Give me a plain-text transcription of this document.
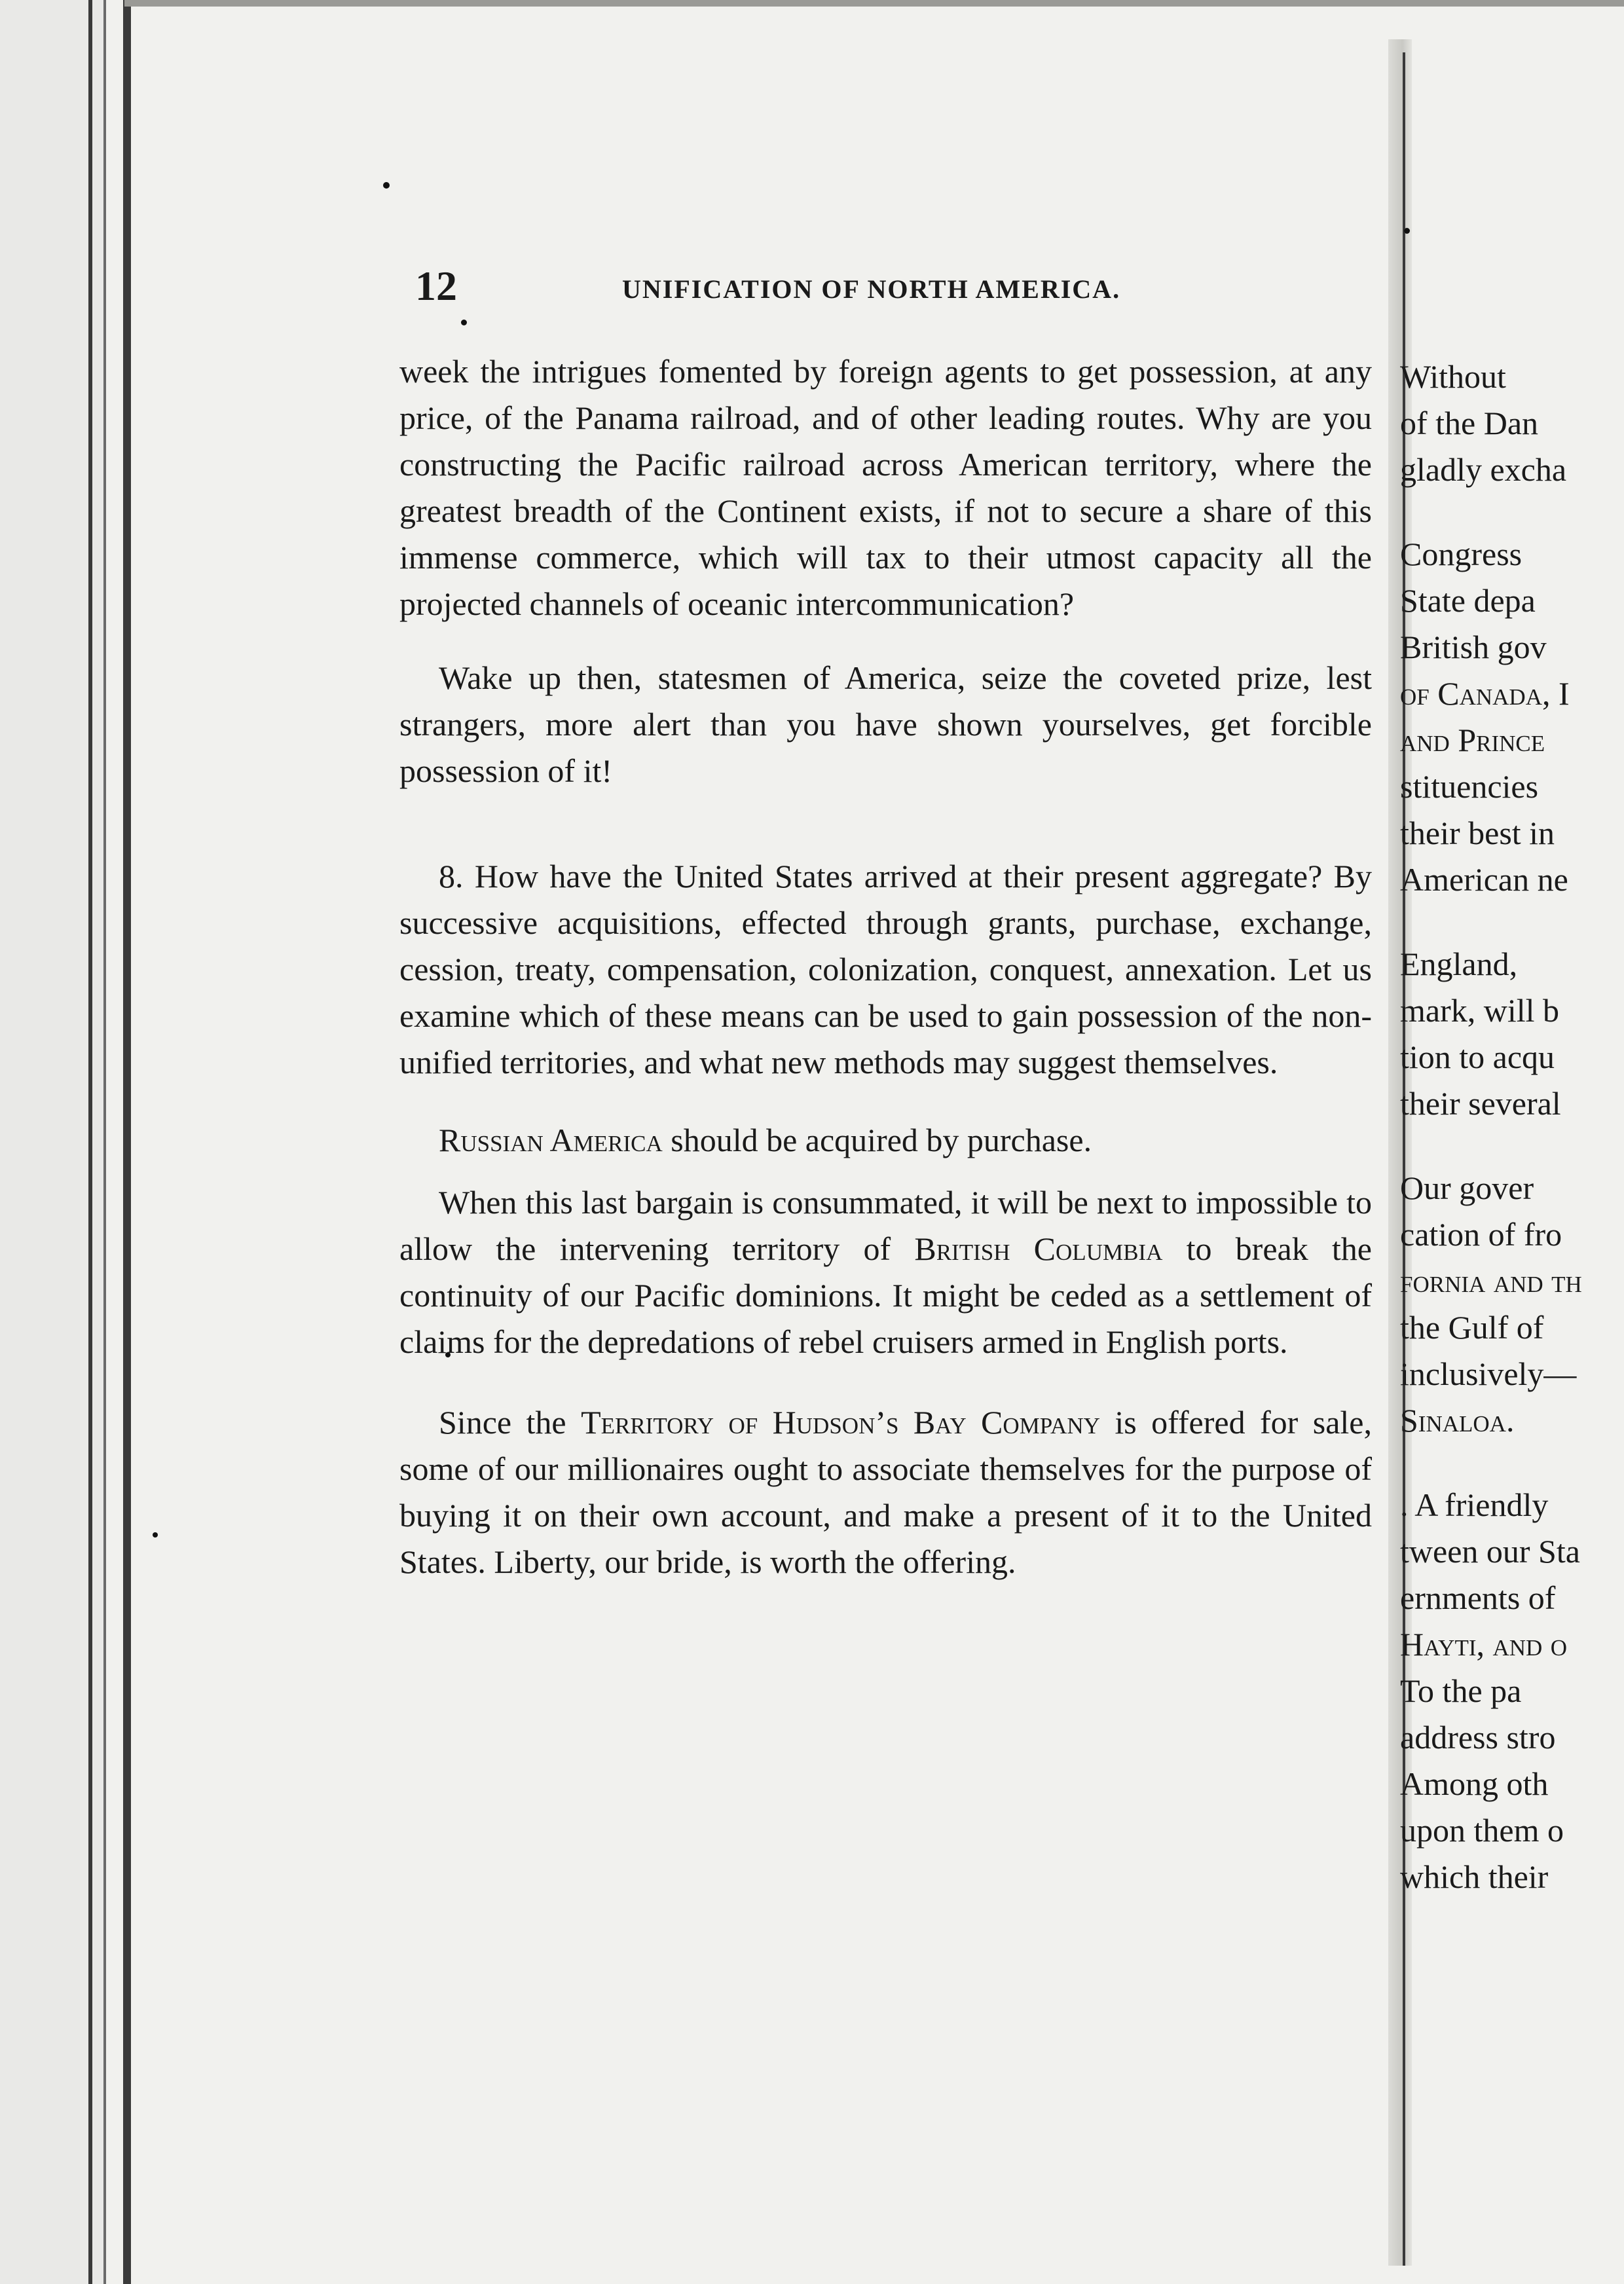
12	UNIFICATION OF NORTH AMERICA.

week the intrigues fomented by foreign agents to get possession, at any price, of the Panama railroad, and of other leading routes. Why are you constructing the Pacific railroad across American territory, where the greatest breadth of the Continent exists, if not to secure a share of this immense commerce, which will tax to their utmost capacity all the projected channels of oceanic intercommunication?

Wake up then, statesmen of America, seize the coveted prize, lest strangers, more alert than you have shown yourselves, get forcible possession of it!

8. How have the United States arrived at their present aggregate? By successive acquisitions, effected through grants, purchase, exchange, cession, treaty, compensation, colonization, conquest, annexation. Let us examine which of these means can be used to gain possession of the non-unified territories, and what new methods may suggest themselves.

Russian America should be acquired by purchase.

When this last bargain is consummated, it will be next to impossible to allow the intervening territory of British Columbia to break the continuity of our Pacific dominions. It might be ceded as a settlement of claims for the depredations of rebel cruisers armed in English ports.

Since the Territory of Hudson’s Bay Company is offered for sale, some of our millionaires ought to associate themselves for the purpose of buying it on their own account, and make a present of it to the United States. Liberty, our bride, is worth the offering.

Without

of the Dan

gladly excha

Congress

State depa

British gov

of Canada, I

and Prince

stituencies

their best in

American ne

England,

mark, will b

tion to acqu

their several

Our gover

cation of fro

fornia and th

the Gulf of

inclusively—

Sinaloa.

. A friendly

tween our Sta

ernments of

Hayti, and o

To the pa

address stro

Among oth

upon them o

which their
